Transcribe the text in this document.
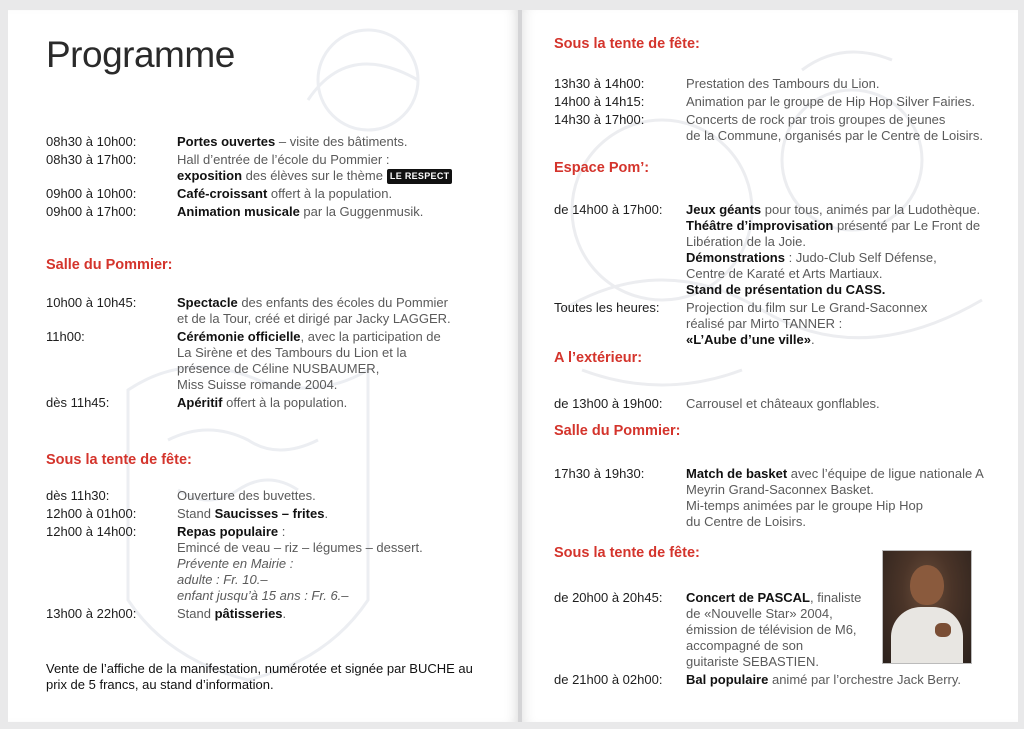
Programme
08h30 à 10h00:	Portes ouvertes – visite des bâtiments.
08h30 à 17h00:	Hall d’entrée de l’école du Pommier :
exposition des élèves sur le thème LE RESPECT
09h00 à 10h00:	Café-croissant offert à la population.
09h00 à 17h00:	Animation musicale par la Guggenmusik.
Salle du Pommier:
10h00 à 10h45:	Spectacle des enfants des écoles du Pommier
et de la Tour, créé et dirigé par Jacky LAGGER.
11h00:	Cérémonie officielle, avec la participation de
La Sirène et des Tambours du Lion et la
présence de Céline NUSBAUMER,
Miss Suisse romande 2004.
dès 11h45:	Apéritif offert à la population.
Sous la tente de fête:
dès 11h30:	Ouverture des buvettes.
12h00 à 01h00:	Stand Saucisses – frites.
12h00 à 14h00:	Repas populaire :
Emincé de veau – riz – légumes – dessert.
Prévente en Mairie :
adulte : Fr. 10.–
enfant jusqu’à 15 ans : Fr. 6.–
13h00 à 22h00:	Stand pâtisseries.
Vente de l’affiche de la manifestation, numérotée et signée par BUCHE au prix de 5 francs, au stand d’information.
Sous la tente de fête:
13h30 à 14h00:	Prestation des Tambours du Lion.
14h00 à 14h15:	Animation par le groupe de Hip Hop Silver Fairies.
14h30 à 17h00:	Concerts de rock par trois groupes de jeunes
de la Commune, organisés par le Centre de Loisirs.
Espace Pom’:
de 14h00 à 17h00: Jeux géants pour tous, animés par la Ludothèque.
Théâtre d’improvisation présenté par Le Front de
Libération de la Joie.
Démonstrations : Judo-Club Self Défense,
Centre de Karaté et Arts Martiaux.
Stand de présentation du CASS.
Toutes les heures: Projection du film sur Le Grand-Saconnex
réalisé par Mirto TANNER :
«L’Aube d’une ville».
A l’extérieur:
de 13h00 à 19h00: Carrousel et châteaux gonflables.
Salle du Pommier:
17h30 à 19h30:	Match de basket avec l’équipe de ligue nationale A
Meyrin Grand-Saconnex Basket.
Mi-temps animées par le groupe Hip Hop
du Centre de Loisirs.
Sous la tente de fête:
de 20h00 à 20h45: Concert de PASCAL, finaliste
de «Nouvelle Star» 2004,
émission de télévision de M6,
accompagné de son
guitariste SEBASTIEN.
de 21h00 à 02h00: Bal populaire animé par l’orchestre Jack Berry.
